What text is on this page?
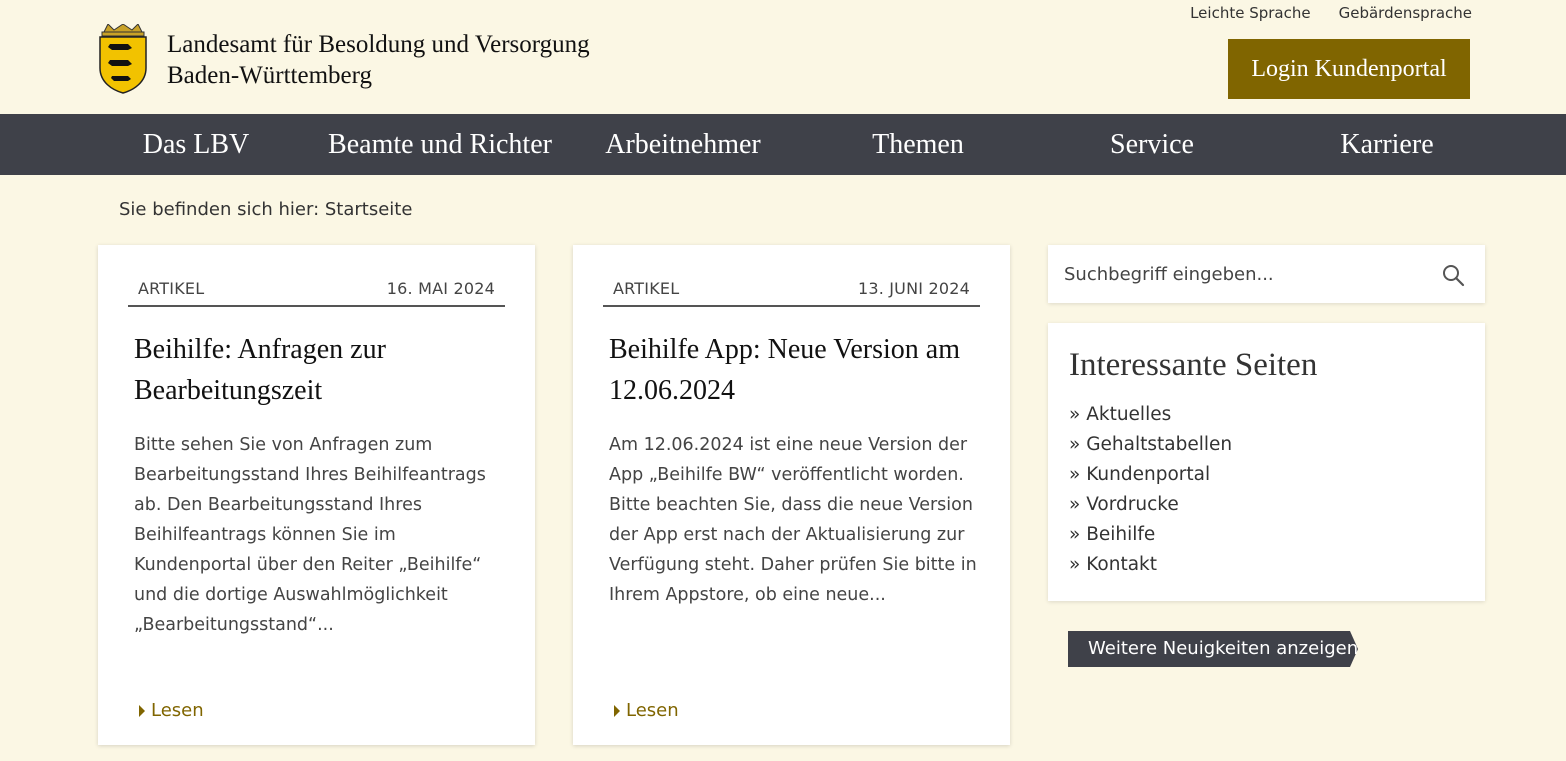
Landesamt für Besoldung und Versorgung
Baden-Württemberg
Leichte Sprache Gebärdensprache
Login Kundenportal
Das LBV	Beamte und Richter	Arbeitnehmer	Themen	Service	Karriere
Sie befinden sich hier: Startseite
ARTIKEL	16. MAI 2024
Beihilfe: Anfragen zur Bearbeitungszeit
Bitte sehen Sie von Anfragen zum Bearbeitungsstand Ihres Beihilfeantrags ab. Den Bearbeitungsstand Ihres Beihilfeantrags können Sie im Kundenportal über den Reiter „Beihilfe“ und die dortige Auswahlmöglichkeit „Bearbeitungsstand“...
Lesen
ARTIKEL	13. JUNI 2024
Beihilfe App: Neue Version am 12.06.2024
Am 12.06.2024 ist eine neue Version der App „Beihilfe BW“ veröffentlicht worden. Bitte beachten Sie, dass die neue Version der App erst nach der Aktualisierung zur Verfügung steht. Daher prüfen Sie bitte in Ihrem Appstore, ob eine neue...
Lesen
Suchbegriff eingeben...
Interessante Seiten
» Aktuelles
» Gehaltstabellen
» Kundenportal
» Vordrucke
» Beihilfe
» Kontakt
Weitere Neuigkeiten anzeigen
